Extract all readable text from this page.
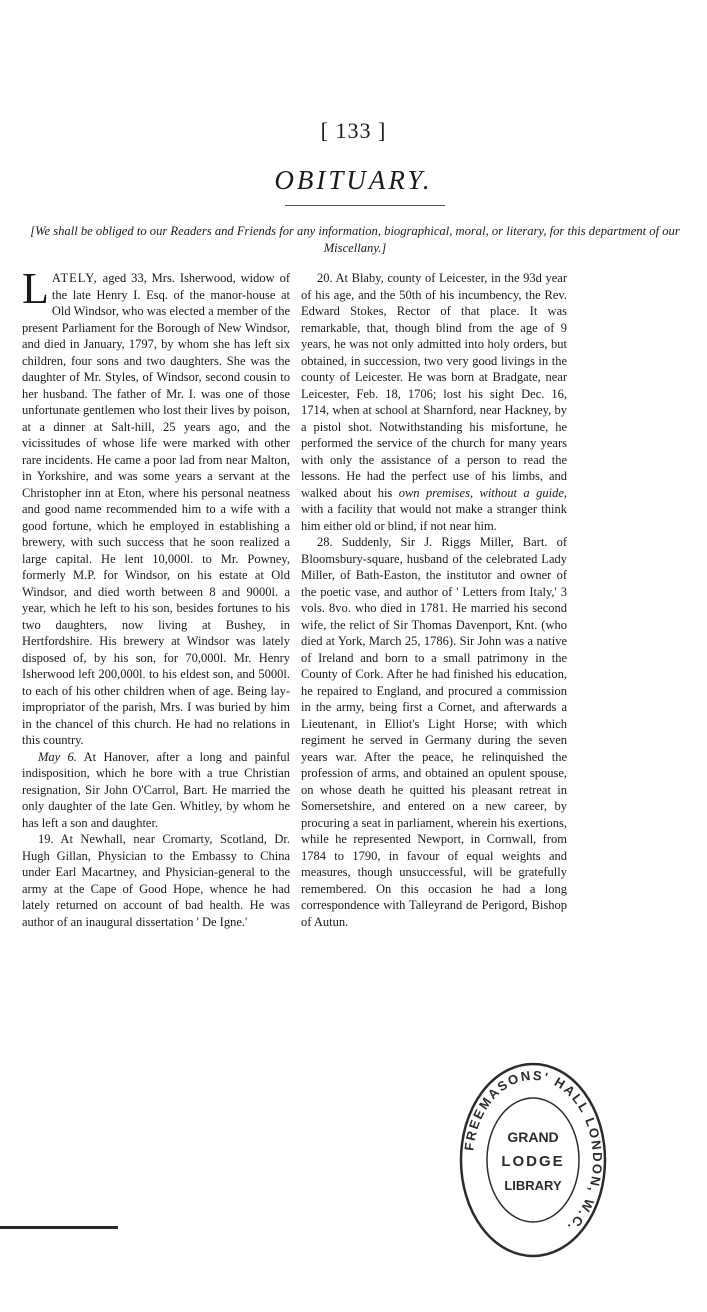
[ 133 ]
OBITUARY.
[We shall be obliged to our Readers and Friends for any information, biographical, moral, or literary, for this department of our Miscellany.]

LATELY, aged 33, Mrs. Isherwood, widow of the late Henry I. Esq. of the manor-house at Old Windsor, who was elected a member of the present Parliament for the Borough of New Windsor, and died in January, 1797, by whom she has left six children, four sons and two daughters. She was the daughter of Mr. Styles, of Windsor, second cousin to her husband. The father of Mr. I. was one of those unfortunate gentlemen who lost their lives by poison, at a dinner at Salt-hill, 25 years ago, and the vicissitudes of whose life were marked with other rare incidents. He came a poor lad from near Malton, in Yorkshire, and was some years a servant at the Christopher inn at Eton, where his personal neatness and good name recommended him to a wife with a good fortune, which he employed in establishing a brewery, with such success that he soon realized a large capital. He lent 10,000l. to Mr. Powney, formerly M.P. for Windsor, on his estate at Old Windsor, and died worth between 8 and 9000l. a year, which he left to his son, besides fortunes to his two daughters, now living at Bushey, in Hertfordshire. His brewery at Windsor was lately disposed of, by his son, for 70,000l. Mr. Henry Isherwood left 200,000l. to his eldest son, and 5000l. to each of his other children when of age. Being lay-impropriator of the parish, Mrs. I was buried by him in the chancel of this church. He had no relations in this country.

May 6. At Hanover, after a long and painful indisposition, which he bore with a true Christian resignation, Sir John O'Carrol, Bart. He married the only daughter of the late Gen. Whitley, by whom he has left a son and daughter.

19. At Newhall, near Cromarty, Scotland, Dr. Hugh Gillan, Physician to the Embassy to China under Earl Macartney, and Physician-general to the army at the Cape of Good Hope, whence he had lately returned on account of bad health. He was author of an inaugural dissertation ' De Igne.'

20. At Blaby, county of Leicester, in the 93d year of his age, and the 50th of his incumbency, the Rev. Edward Stokes, Rector of that place. It was remarkable, that, though blind from the age of 9 years, he was not only admitted into holy orders, but obtained, in succession, two very good livings in the county of Leicester. He was born at Bradgate, near Leicester, Feb. 18, 1706; lost his sight Dec. 16, 1714, when at school at Sharnford, near Hackney, by a pistol shot. Notwithstanding his misfortune, he performed the service of the church for many years with only the assistance of a person to read the lessons. He had the perfect use of his limbs, and walked about his own premises, without a guide, with a facility that would not make a stranger think him either old or blind, if not near him.

28. Suddenly, Sir J. Riggs Miller, Bart. of Bloomsbury-square, husband of the celebrated Lady Miller, of Bath-Easton, the institutor and owner of the poetic vase, and author of ' Letters from Italy,' 3 vols. 8vo. who died in 1781. He married his second wife, the relict of Sir Thomas Davenport, Knt. (who died at York, March 25, 1786). Sir John was a native of Ireland and born to a small patrimony in the County of Cork. After he had finished his education, he repaired to England, and procured a commission in the army, being first a Cornet, and afterwards a Lieutenant, in Elliot's Light Horse; with which regiment he served in Germany during the seven years war. After the peace, he relinquished the profession of arms, and obtained an opulent spouse, on whose death he quitted his pleasant retreat in Somersetshire, and entered on a new career, by procuring a seat in parliament, wherein his exertions, while he represented Newport, in Cornwall, from 1784 to 1790, in favour of equal weights and measures, though unsuccessful, will be gratefully remembered. On this occasion he had a long correspondence with Talleyrand de Perigord, Bishop of Autun.

FREEMASONS' HALL LONDON, W.C.
GRAND
LODGE
LIBRARY
